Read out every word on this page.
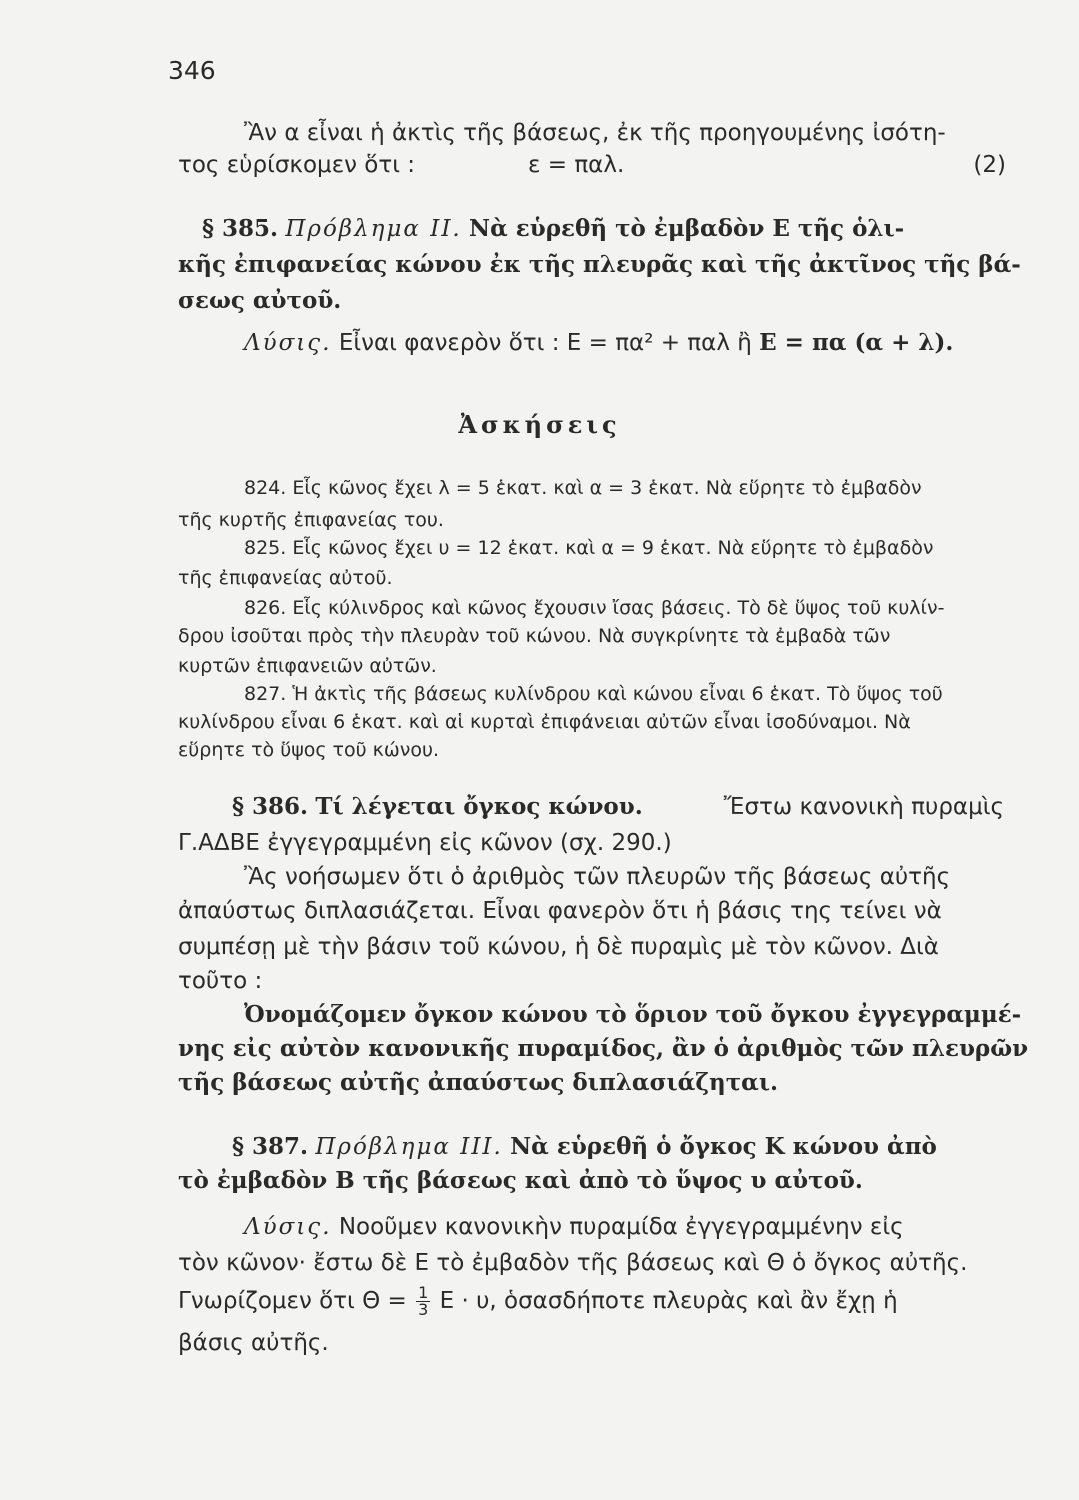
346
Ἂν α εἶναι ἡ ἀκτὶς τῆς βάσεως, ἐκ τῆς προηγουμένης ἰσότη-
τος εὑρίσκομεν ὅτι :	ε = παλ.	(2)
§ 385. Πρόβλημα ΙΙ. Νὰ εὑρεθῆ τὸ ἐμβαδὸν Ε τῆς ὁλι-
κῆς ἐπιφανείας κώνου ἐκ τῆς πλευρᾶς καὶ τῆς ἀκτῖνος τῆς βά-
σεως αὐτοῦ.
Λύσις. Εἶναι φανερὸν ὅτι : Ε = πα² + παλ ἢ Ε = πα (α + λ).
Ἀσκήσεις
824. Εἷς κῶνος ἔχει λ = 5 ἑκατ. καὶ α = 3 ἑκατ. Νὰ εὕρητε τὸ ἐμβαδὸν
τῆς κυρτῆς ἐπιφανείας του.
825. Εἷς κῶνος ἔχει υ = 12 ἑκατ. καὶ α = 9 ἑκατ. Νὰ εὕρητε τὸ ἐμβαδὸν
τῆς ἐπιφανείας αὐτοῦ.
826. Εἷς κύλινδρος καὶ κῶνος ἔχουσιν ἴσας βάσεις. Τὸ δὲ ὕψος τοῦ κυλίν-
δρου ἰσοῦται πρὸς τὴν πλευρὰν τοῦ κώνου. Νὰ συγκρίνητε τὰ ἐμβαδὰ τῶν
κυρτῶν ἐπιφανειῶν αὐτῶν.
827. Ἡ ἀκτὶς τῆς βάσεως κυλίνδρου καὶ κώνου εἶναι 6 ἑκατ. Τὸ ὕψος τοῦ
κυλίνδρου εἶναι 6 ἑκατ. καὶ αἱ κυρταὶ ἐπιφάνειαι αὐτῶν εἶναι ἰσοδύναμοι. Νὰ
εὕρητε τὸ ὕψος τοῦ κώνου.
§ 386. Τί λέγεται ὄγκος κώνου.	Ἔστω κανονικὴ πυραμὶς
Γ.ΑΔΒΕ ἐγγεγραμμένη εἰς κῶνον (σχ. 290.)
Ἂς νοήσωμεν ὅτι ὁ ἀριθμὸς τῶν πλευρῶν τῆς βάσεως αὐτῆς
ἀπαύστως διπλασιάζεται. Εἶναι φανερὸν ὅτι ἡ βάσις της τείνει νὰ
συμπέσῃ μὲ τὴν βάσιν τοῦ κώνου, ἡ δὲ πυραμὶς μὲ τὸν κῶνον. Διὰ
τοῦτο :
Ὀνομάζομεν ὄγκον κώνου τὸ ὅριον τοῦ ὄγκου ἐγγεγραμμέ-
νης εἰς αὐτὸν κανονικῆς πυραμίδος, ἂν ὁ ἀριθμὸς τῶν πλευρῶν
τῆς βάσεως αὐτῆς ἀπαύστως διπλασιάζηται.
§ 387. Πρόβλημα ΙΙΙ. Νὰ εὑρεθῆ ὁ ὄγκος Κ κώνου ἀπὸ
τὸ ἐμβαδὸν Β τῆς βάσεως καὶ ἀπὸ τὸ ὕψος υ αὐτοῦ.
Λύσις. Νοοῦμεν κανονικὴν πυραμίδα ἐγγεγραμμένην εἰς
τὸν κῶνον· ἔστω δὲ Ε τὸ ἐμβαδὸν τῆς βάσεως καὶ Θ ὁ ὄγκος αὐτῆς.
Γνωρίζομεν ὅτι $\Theta = \frac{1}{3}$ Ε · υ, ὁσασδήποτε πλευρὰς καὶ ἂν ἔχῃ ἡ
βάσις αὐτῆς.
